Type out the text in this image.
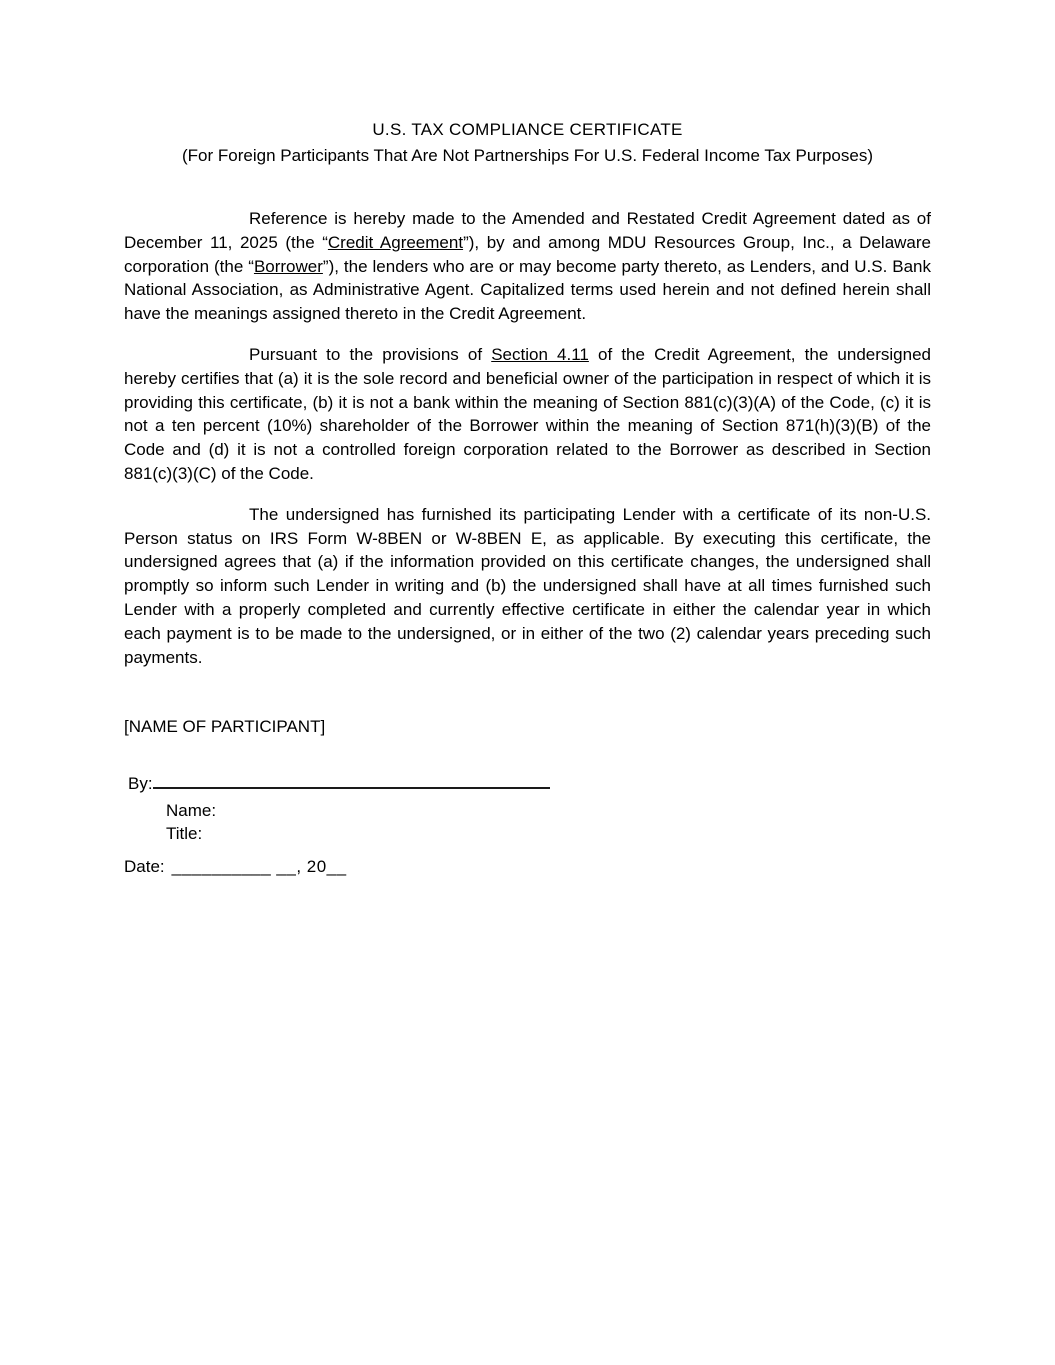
U.S. TAX COMPLIANCE CERTIFICATE
(For Foreign Participants That Are Not Partnerships For U.S. Federal Income Tax Purposes)

Reference is hereby made to the Amended and Restated Credit Agreement dated as of December 11, 2025 (the “Credit Agreement”), by and among MDU Resources Group, Inc., a Delaware corporation (the “Borrower”), the lenders who are or may become party thereto, as Lenders, and U.S. Bank National Association, as Administrative Agent. Capitalized terms used herein and not defined herein shall have the meanings assigned thereto in the Credit Agreement.

Pursuant to the provisions of Section 4.11 of the Credit Agreement, the undersigned hereby certifies that (a) it is the sole record and beneficial owner of the participation in respect of which it is providing this certificate, (b) it is not a bank within the meaning of Section 881(c)(3)(A) of the Code, (c) it is not a ten percent (10%) shareholder of the Borrower within the meaning of Section 871(h)(3)(B) of the Code and (d) it is not a controlled foreign corporation related to the Borrower as described in Section 881(c)(3)(C) of the Code.

The undersigned has furnished its participating Lender with a certificate of its non-U.S. Person status on IRS Form W-8BEN or W-8BEN E, as applicable. By executing this certificate, the undersigned agrees that (a) if the information provided on this certificate changes, the undersigned shall promptly so inform such Lender in writing and (b) the undersigned shall have at all times furnished such Lender with a properly completed and currently effective certificate in either the calendar year in which each payment is to be made to the undersigned, or in either of the two (2) calendar years preceding such payments.

[NAME OF PARTICIPANT]
By:
Name:
Title:
Date: __________ __, 20__
